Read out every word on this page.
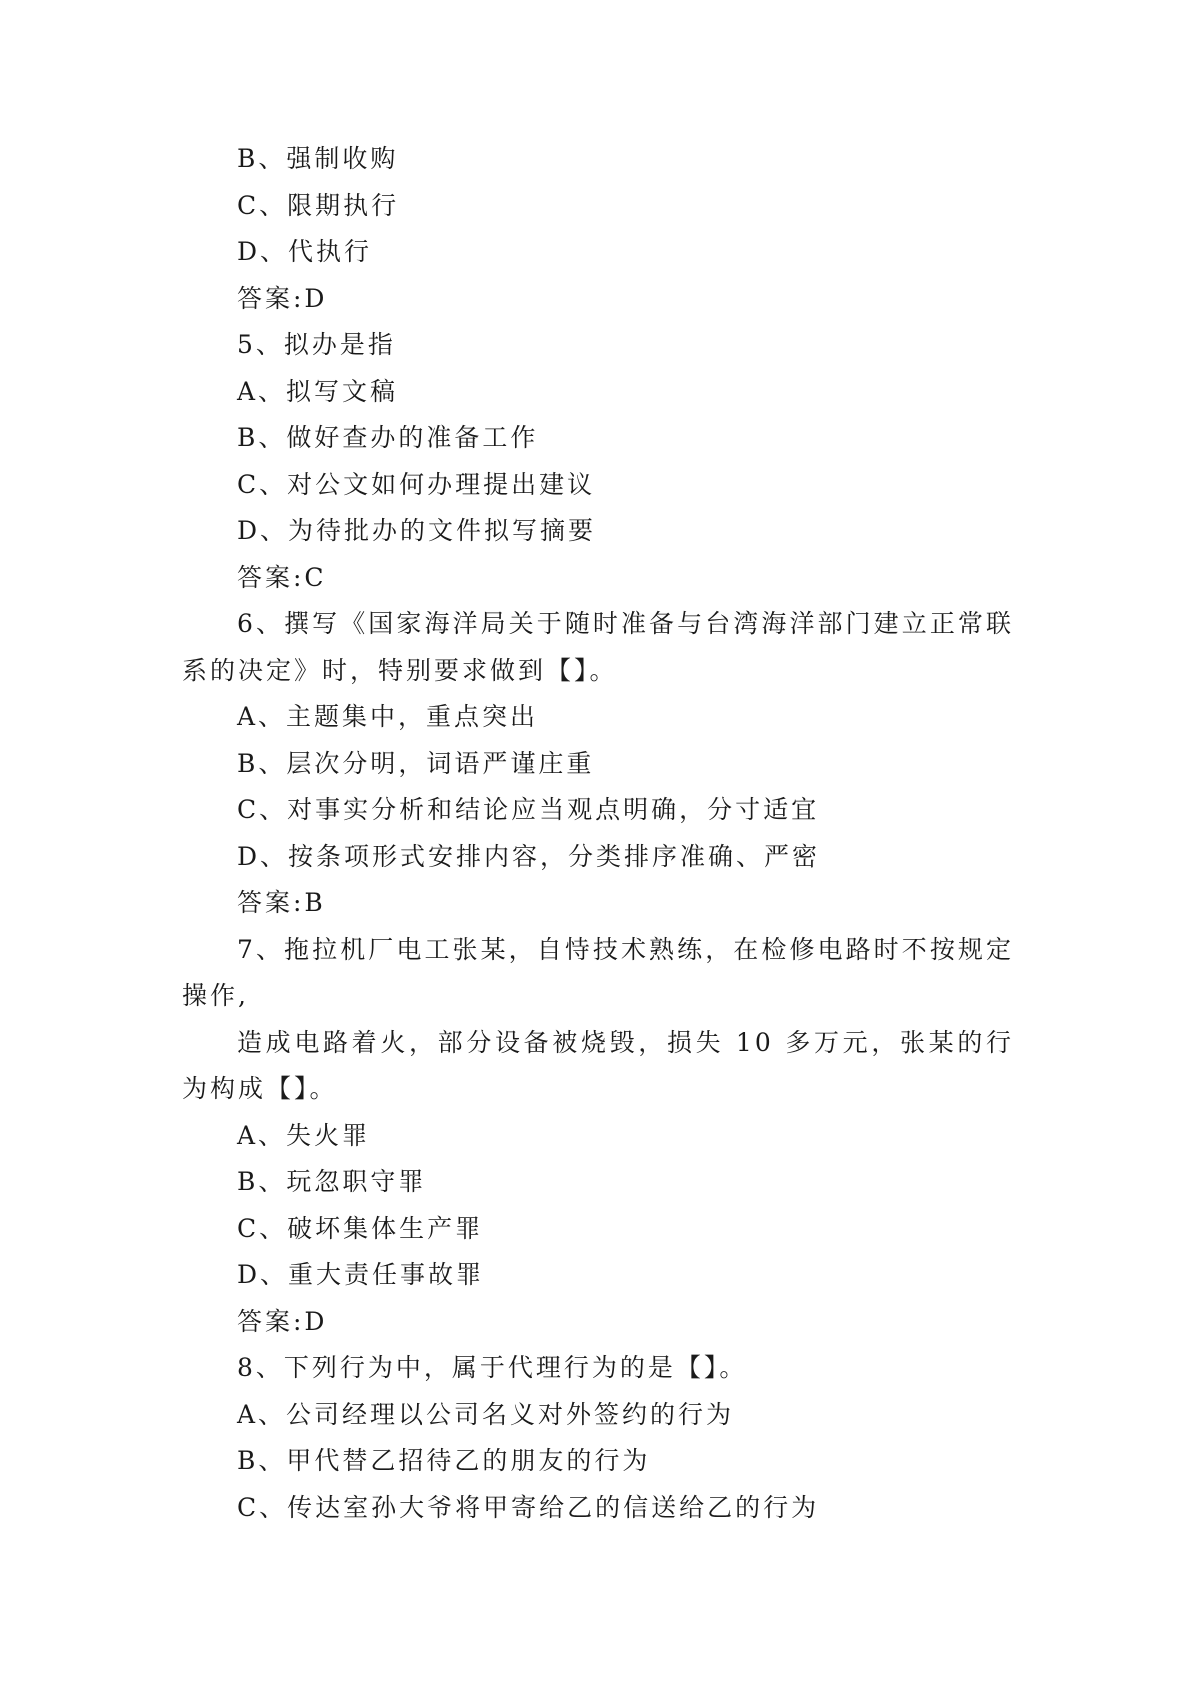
B、强制收购
C、限期执行
D、代执行
答案:D
5、拟办是指
A、拟写文稿
B、做好查办的准备工作
C、对公文如何办理提出建议
D、为待批办的文件拟写摘要
答案:C
6、撰写《国家海洋局关于随时准备与台湾海洋部门建立正常联系的决定》时，特别要求做到【】。
A、主题集中，重点突出
B、层次分明，词语严谨庄重
C、对事实分析和结论应当观点明确，分寸适宜
D、按条项形式安排内容，分类排序准确、严密
答案:B
7、拖拉机厂电工张某，自恃技术熟练，在检修电路时不按规定操作,
造成电路着火，部分设备被烧毁，损失 10 多万元，张某的行为构成【】。
A、失火罪
B、玩忽职守罪
C、破坏集体生产罪
D、重大责任事故罪
答案:D
8、下列行为中，属于代理行为的是【】。
A、公司经理以公司名义对外签约的行为
B、甲代替乙招待乙的朋友的行为
C、传达室孙大爷将甲寄给乙的信送给乙的行为
